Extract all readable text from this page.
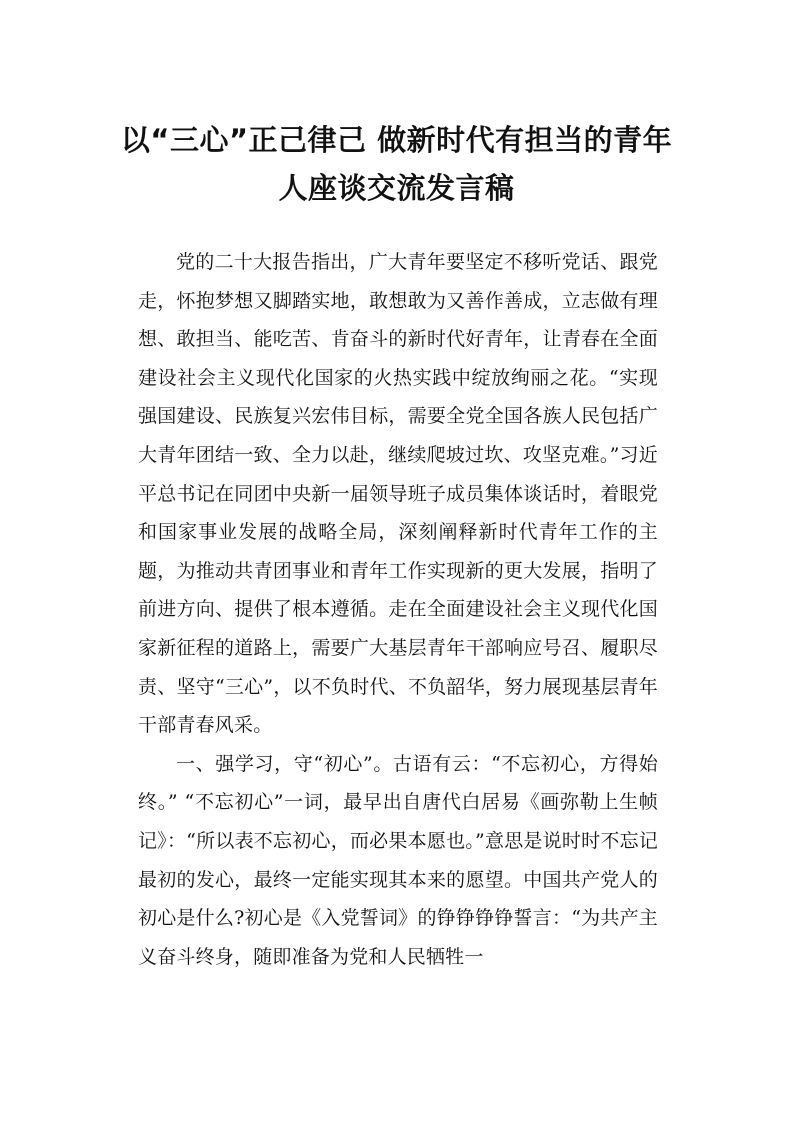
以“三心”正己律己 做新时代有担当的青年人座谈交流发言稿

党的二十大报告指出，广大青年要坚定不移听党话、跟党走，怀抱梦想又脚踏实地，敢想敢为又善作善成，立志做有理想、敢担当、能吃苦、肯奋斗的新时代好青年，让青春在全面建设社会主义现代化国家的火热实践中绽放绚丽之花。“实现强国建设、民族复兴宏伟目标，需要全党全国各族人民包括广大青年团结一致、全力以赴，继续爬坡过坎、攻坚克难。”习近平总书记在同团中央新一届领导班子成员集体谈话时，着眼党和国家事业发展的战略全局，深刻阐释新时代青年工作的主题，为推动共青团事业和青年工作实现新的更大发展，指明了前进方向、提供了根本遵循。走在全面建设社会主义现代化国家新征程的道路上，需要广大基层青年干部响应号召、履职尽责、坚守“三心”，以不负时代、不负韶华，努力展现基层青年干部青春风采。

一、强学习，守“初心”。古语有云：“不忘初心，方得始终。” “不忘初心”一词，最早出自唐代白居易《画弥勒上生帧记》：“所以表不忘初心，而必果本愿也。”意思是说时时不忘记最初的发心，最终一定能实现其本来的愿望。中国共产党人的初心是什么?初心是《入党誓词》的铮铮铮铮誓言：“为共产主义奋斗终身，随即准备为党和人民牺牲一
